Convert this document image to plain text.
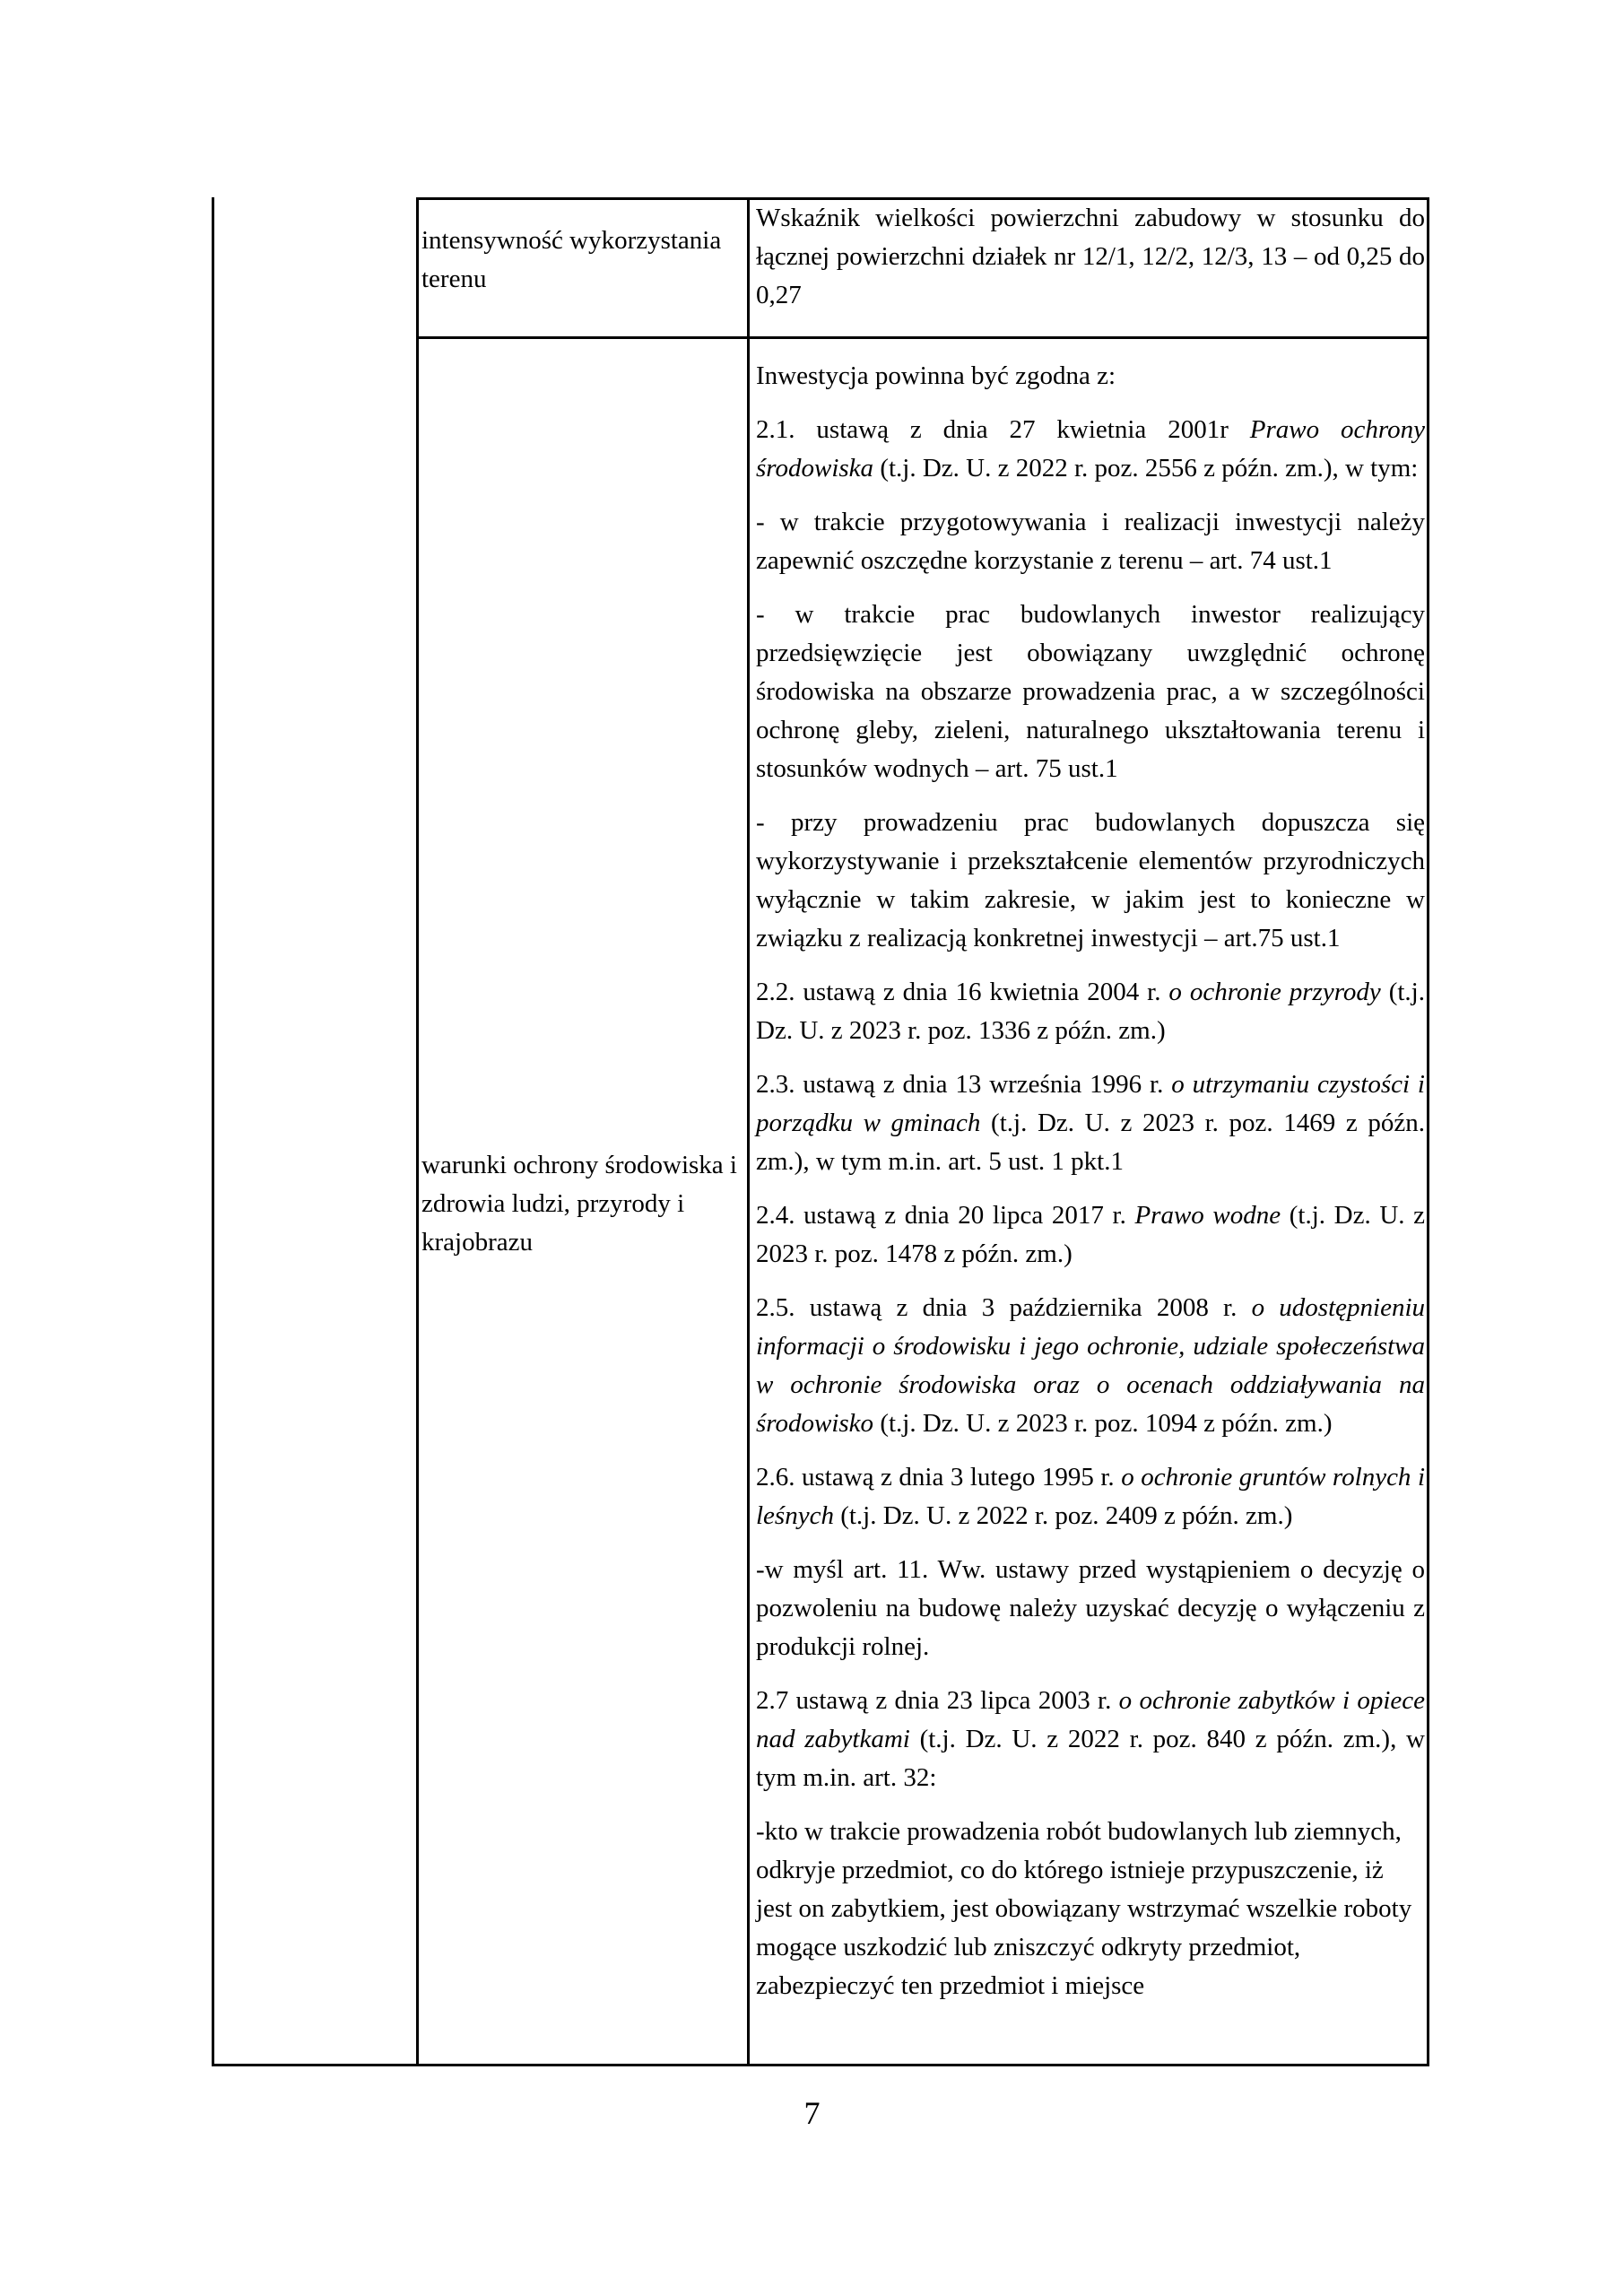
intensywność wykorzystania terenu
Wskaźnik wielkości powierzchni zabudowy w stosunku do łącznej powierzchni działek nr 12/1, 12/2, 12/3, 13 – od 0,25 do 0,27
warunki ochrony środowiska i zdrowia ludzi, przyrody i krajobrazu
Inwestycja powinna być zgodna z:
2.1. ustawą z dnia 27 kwietnia 2001r Prawo ochrony środowiska (t.j. Dz. U. z 2022 r. poz. 2556 z późn. zm.), w tym:
- w trakcie przygotowywania i realizacji inwestycji należy zapewnić oszczędne korzystanie z terenu – art. 74 ust.1
- w trakcie prac budowlanych inwestor realizujący przedsięwzięcie jest obowiązany uwzględnić ochronę środowiska na obszarze prowadzenia prac, a w szczególności ochronę gleby, zieleni, naturalnego ukształtowania terenu i stosunków wodnych – art. 75 ust.1
- przy prowadzeniu prac budowlanych dopuszcza się wykorzystywanie i przekształcenie elementów przyrodniczych wyłącznie w takim zakresie, w jakim jest to konieczne w związku z realizacją konkretnej inwestycji – art.75 ust.1
2.2. ustawą z dnia 16 kwietnia 2004 r. o ochronie przyrody (t.j. Dz. U. z 2023 r. poz. 1336 z późn. zm.)
2.3. ustawą z dnia 13 września 1996 r. o utrzymaniu czystości i porządku w gminach (t.j. Dz. U. z 2023 r. poz. 1469 z późn. zm.), w tym m.in. art. 5 ust. 1 pkt.1
2.4. ustawą z dnia 20 lipca 2017 r. Prawo wodne (t.j. Dz. U. z 2023 r. poz. 1478 z późn. zm.)
2.5. ustawą z dnia 3 października 2008 r. o udostępnieniu informacji o środowisku i jego ochronie, udziale społeczeństwa w ochronie środowiska oraz o ocenach oddziaływania na środowisko (t.j. Dz. U. z 2023 r. poz. 1094 z późn. zm.)
2.6. ustawą z dnia 3 lutego 1995 r. o ochronie gruntów rolnych i leśnych (t.j. Dz. U. z 2022 r. poz. 2409 z późn. zm.)
-w myśl art. 11. Ww. ustawy przed wystąpieniem o decyzję o pozwoleniu na budowę należy uzyskać decyzję o wyłączeniu z produkcji rolnej.
2.7 ustawą z dnia 23 lipca 2003 r. o ochronie zabytków i opiece nad zabytkami (t.j. Dz. U. z 2022 r. poz. 840 z późn. zm.), w tym m.in. art. 32:
-kto w trakcie prowadzenia robót budowlanych lub ziemnych, odkryje przedmiot, co do którego istnieje przypuszczenie, iż jest on zabytkiem, jest obowiązany wstrzymać wszelkie roboty mogące uszkodzić lub zniszczyć odkryty przedmiot, zabezpieczyć ten przedmiot i miejsce
7
